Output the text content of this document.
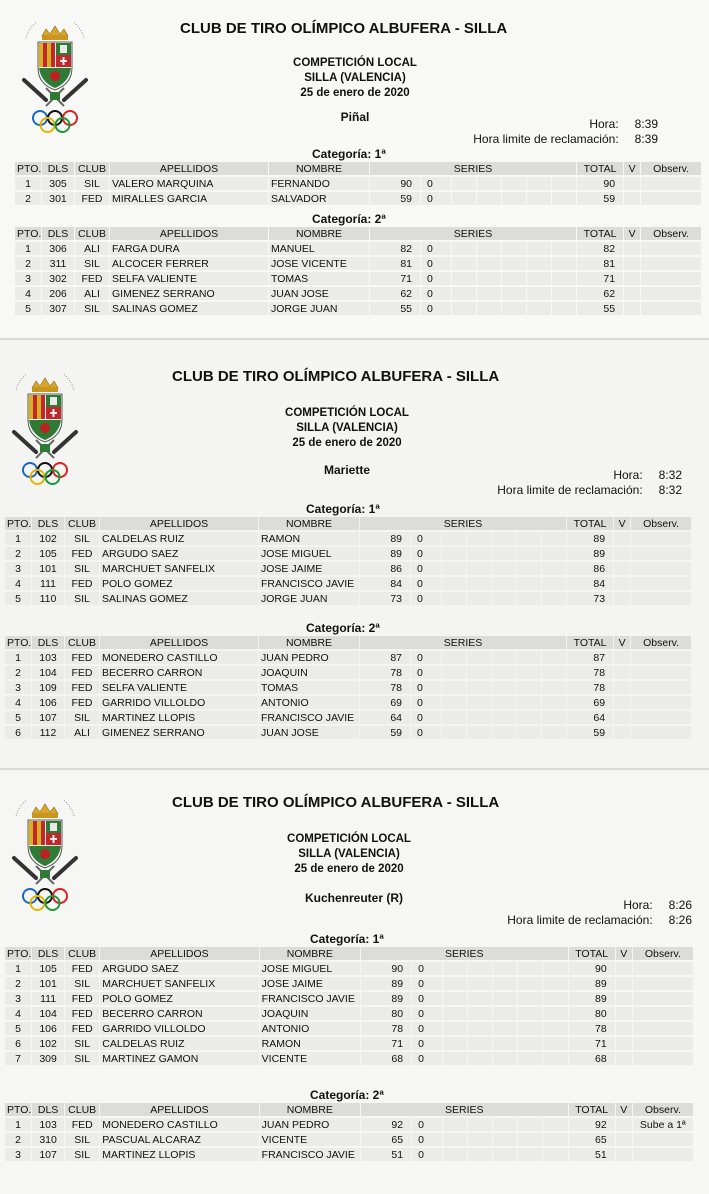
CLUB DE TIRO OLÍMPICO ALBUFERA - SILLA
COMPETICIÓN LOCAL
SILLA (VALENCIA)
25 de enero de 2020
Piñal	Hora: 8:39
Hora limite de reclamación: 8:39
Categoría: 1ª
PTO.	DLS	CLUB	APELLIDOS	NOMBRE	SERIES							TOTAL	V	Observ.
1	305	SIL	VALERO MARQUINA	FERNANDO	90	0						90		
2	301	FED	MIRALLES GARCIA	SALVADOR	59	0						59		
Categoría: 2ª
PTO.	DLS	CLUB	APELLIDOS	NOMBRE	SERIES							TOTAL	V	Observ.
1	306	ALI	FARGA DURA	MANUEL	82	0						82		
2	311	SIL	ALCOCER FERRER	JOSE VICENTE	81	0						81		
3	302	FED	SELFA VALIENTE	TOMAS	71	0						71		
4	206	ALI	GIMENEZ SERRANO	JUAN JOSE	62	0						62		
5	307	SIL	SALINAS GOMEZ	JORGE JUAN	55	0						55		
CLUB DE TIRO OLÍMPICO ALBUFERA - SILLA
COMPETICIÓN LOCAL
SILLA (VALENCIA)
25 de enero de 2020
Mariette	Hora: 8:32
Hora limite de reclamación: 8:32
Categoría: 1ª
PTO.	DLS	CLUB	APELLIDOS	NOMBRE	SERIES							TOTAL	V	Observ.
1	102	SIL	CALDELAS RUIZ	RAMON	89	0						89		
2	105	FED	ARGUDO SAEZ	JOSE MIGUEL	89	0						89		
3	101	SIL	MARCHUET SANFELIX	JOSE JAIME	86	0						86		
4	111	FED	POLO GOMEZ	FRANCISCO JAVIE	84	0						84		
5	110	SIL	SALINAS GOMEZ	JORGE JUAN	73	0						73		
Categoría: 2ª
PTO.	DLS	CLUB	APELLIDOS	NOMBRE	SERIES							TOTAL	V	Observ.
1	103	FED	MONEDERO CASTILLO	JUAN PEDRO	87	0						87		
2	104	FED	BECERRO CARRON	JOAQUIN	78	0						78		
3	109	FED	SELFA VALIENTE	TOMAS	78	0						78		
4	106	FED	GARRIDO VILLOLDO	ANTONIO	69	0						69		
5	107	SIL	MARTINEZ LLOPIS	FRANCISCO JAVIE	64	0						64		
6	112	ALI	GIMENEZ SERRANO	JUAN JOSE	59	0						59		
CLUB DE TIRO OLÍMPICO ALBUFERA - SILLA
COMPETICIÓN LOCAL
SILLA (VALENCIA)
25 de enero de 2020
Kuchenreuter (R)	Hora: 8:26
Hora limite de reclamación: 8:26
Categoría: 1ª
PTO.	DLS	CLUB	APELLIDOS	NOMBRE	SERIES							TOTAL	V	Observ.
1	105	FED	ARGUDO SAEZ	JOSE MIGUEL	90	0						90		
2	101	SIL	MARCHUET SANFELIX	JOSE JAIME	89	0						89		
3	111	FED	POLO GOMEZ	FRANCISCO JAVIE	89	0						89		
4	104	FED	BECERRO CARRON	JOAQUIN	80	0						80		
5	106	FED	GARRIDO VILLOLDO	ANTONIO	78	0						78		
6	102	SIL	CALDELAS RUIZ	RAMON	71	0						71		
7	309	SIL	MARTINEZ GAMON	VICENTE	68	0						68		
Categoría: 2ª
PTO.	DLS	CLUB	APELLIDOS	NOMBRE	SERIES							TOTAL	V	Observ.
1	103	FED	MONEDERO CASTILLO	JUAN PEDRO	92	0						92		Sube a 1ª
2	310	SIL	PASCUAL ALCARAZ	VICENTE	65	0						65		
3	107	SIL	MARTINEZ LLOPIS	FRANCISCO JAVIE	51	0						51		
